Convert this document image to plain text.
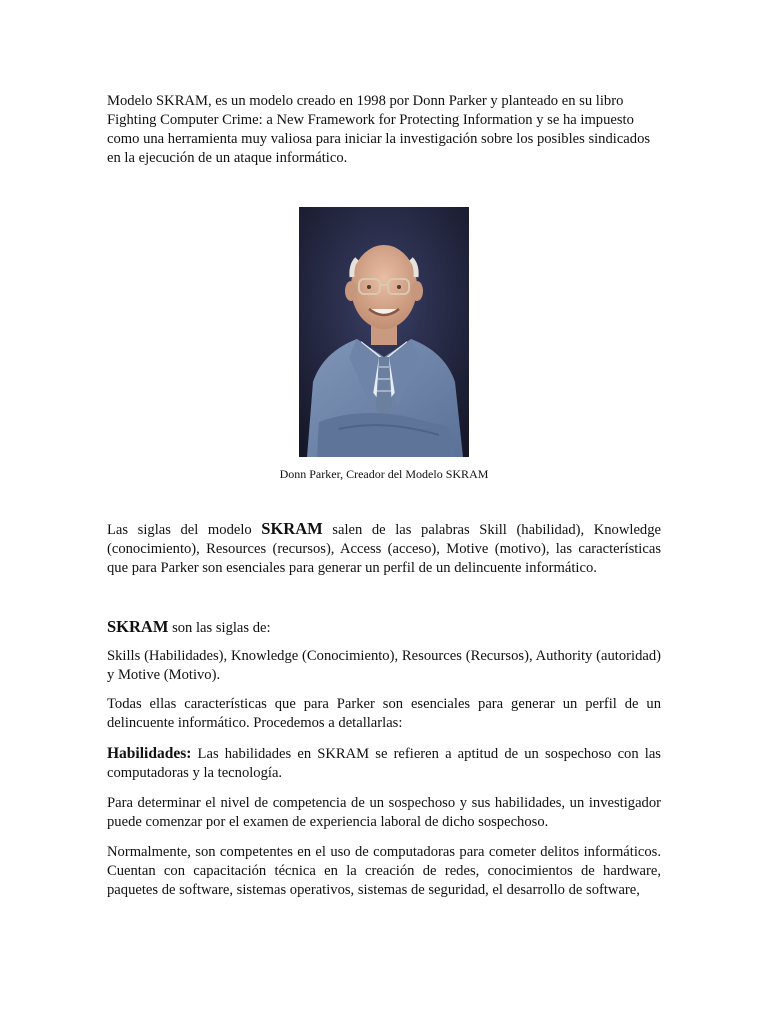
Modelo SKRAM, es un modelo creado en 1998 por Donn Parker y planteado en su libro Fighting Computer Crime: a New Framework for Protecting Information y se ha impuesto como una herramienta muy valiosa para iniciar la investigación sobre los posibles sindicados en la ejecución de un ataque informático.

Donn Parker, Creador del Modelo SKRAM

Las siglas del modelo SKRAM salen de las palabras Skill (habilidad), Knowledge (conocimiento), Resources (recursos), Access (acceso), Motive (motivo), las características que para Parker son esenciales para generar un perfil de un delincuente informático.

SKRAM son las siglas de:

Skills (Habilidades), Knowledge (Conocimiento), Resources (Recursos), Authority (autoridad) y Motive (Motivo).

Todas ellas características que para Parker son esenciales para generar un perfil de un delincuente informático. Procedemos a detallarlas:

Habilidades: Las habilidades en SKRAM se refieren a aptitud de un sospechoso con las computadoras y la tecnología.

Para determinar el nivel de competencia de un sospechoso y sus habilidades, un investigador puede comenzar por el examen de experiencia laboral de dicho sospechoso.

Normalmente, son competentes en el uso de computadoras para cometer delitos informáticos. Cuentan con capacitación técnica en la creación de redes, conocimientos de hardware, paquetes de software, sistemas operativos, sistemas de seguridad, el desarrollo de software,
